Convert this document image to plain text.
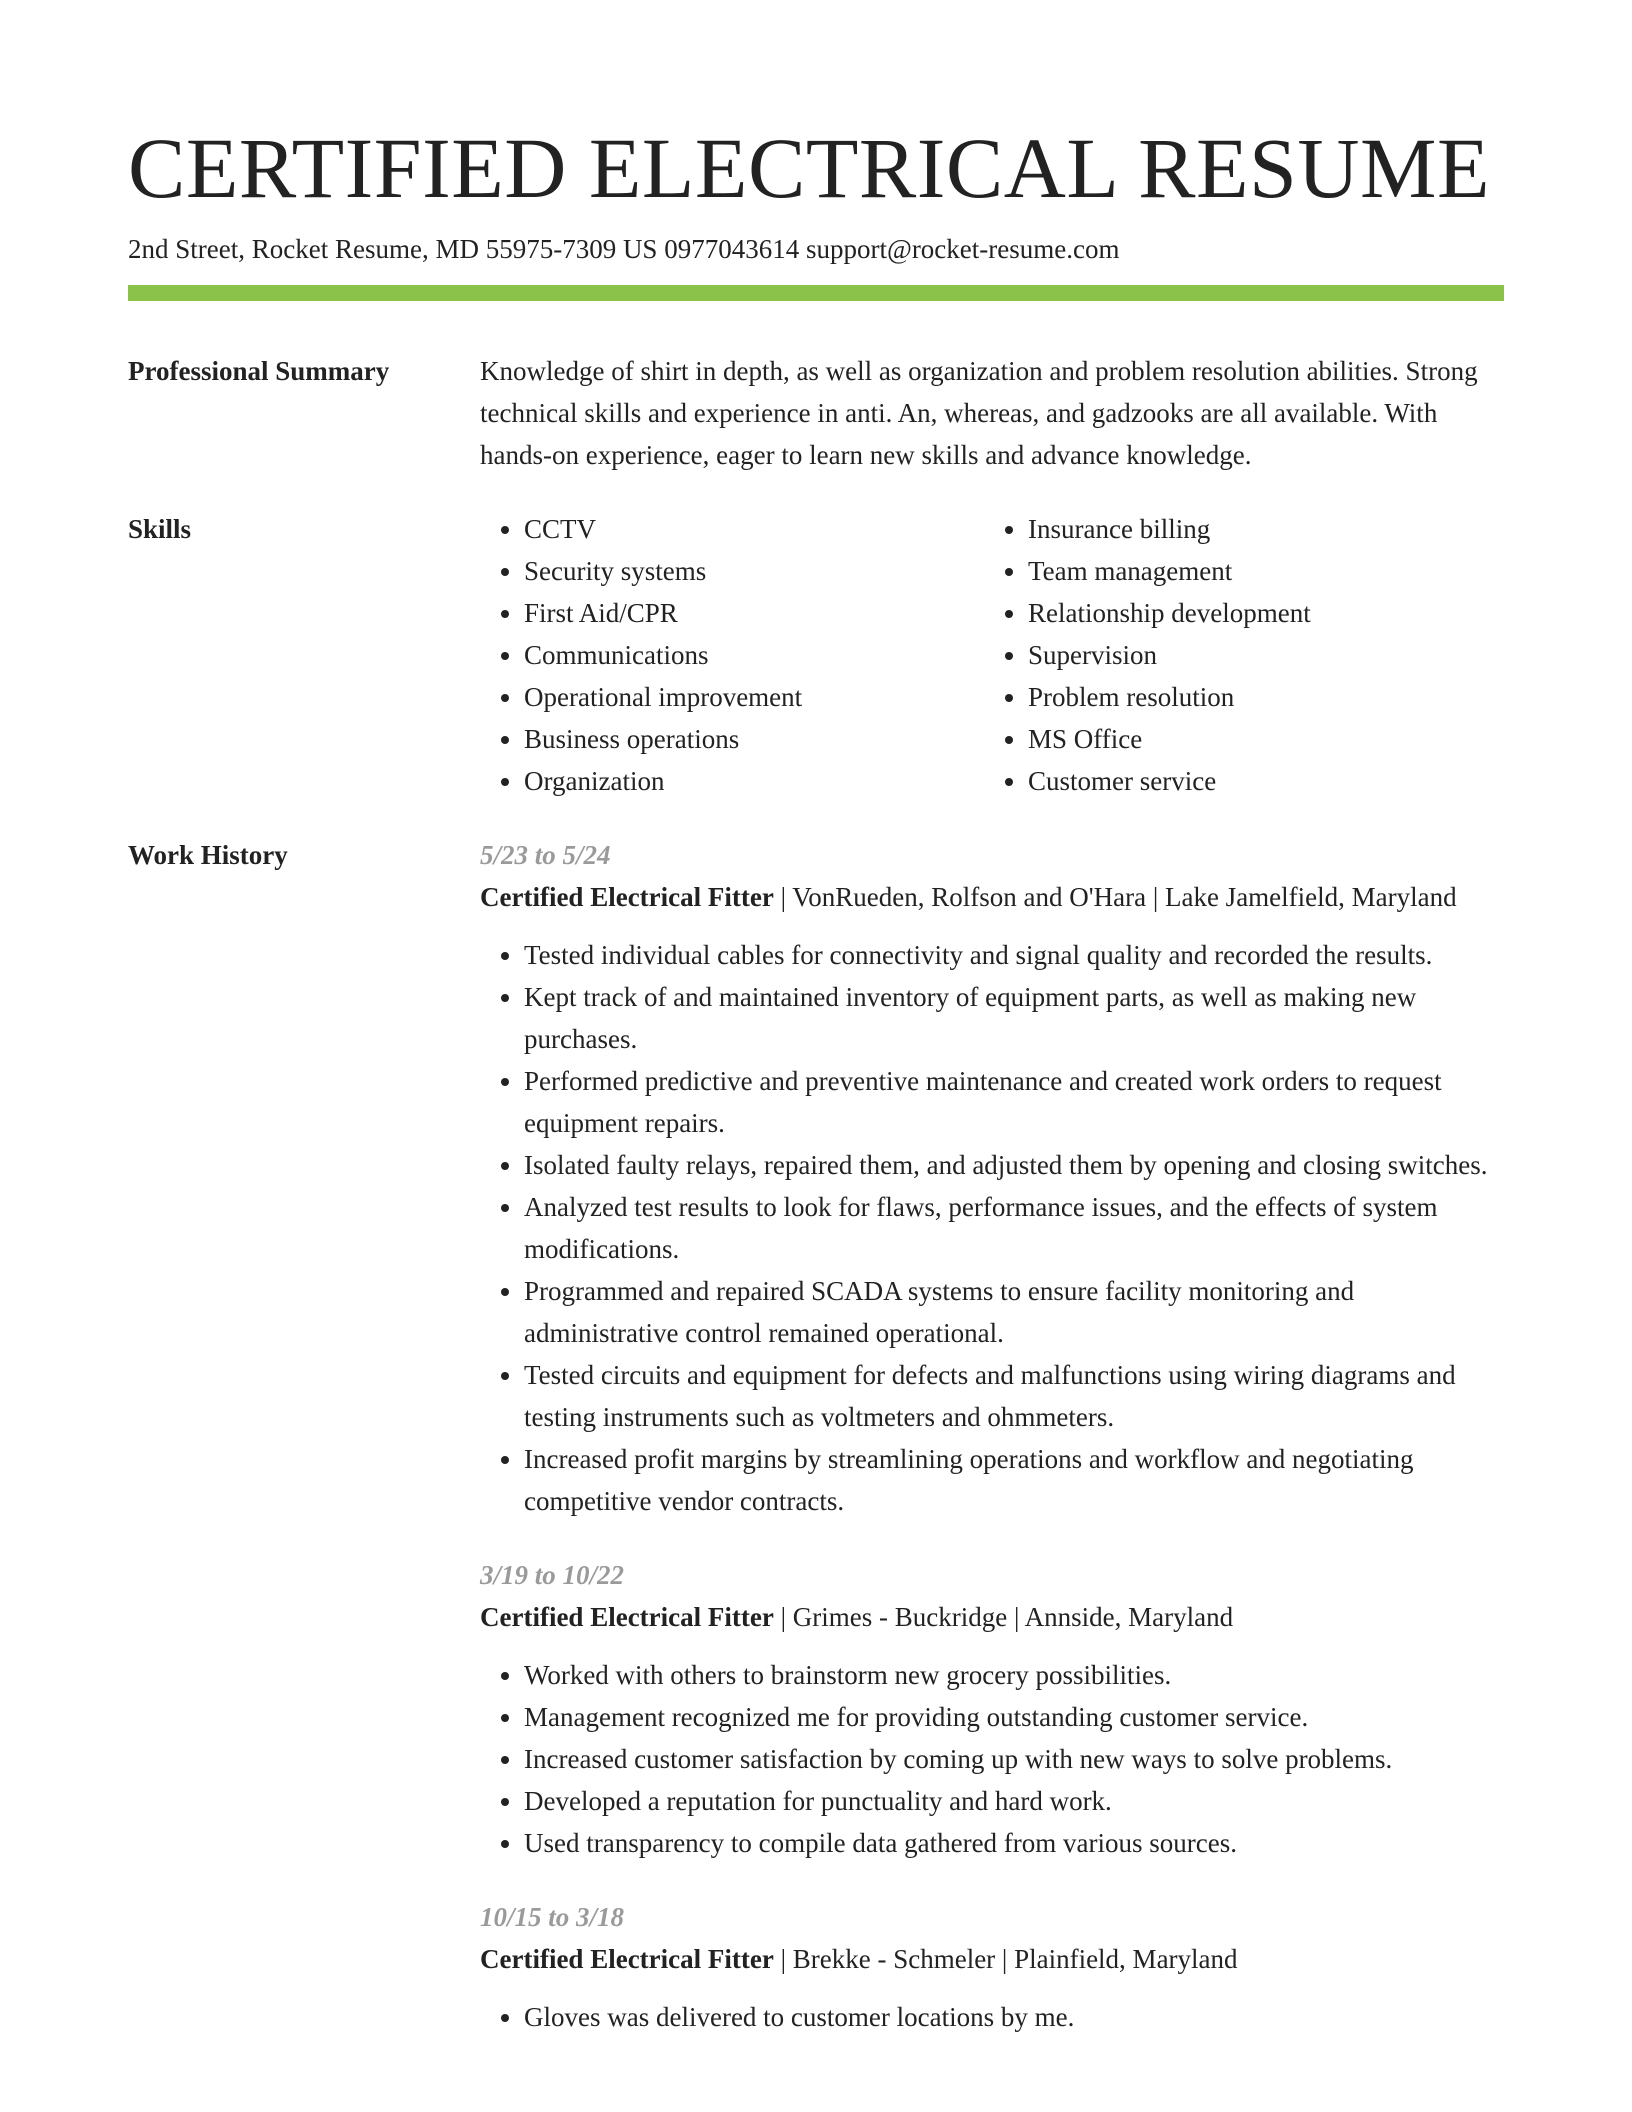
CERTIFIED ELECTRICAL RESUME
2nd Street, Rocket Resume, MD 55975-7309 US 0977043614 support@rocket-resume.com
Professional Summary	Knowledge of shirt in depth, as well as organization and problem resolution abilities. Strong technical skills and experience in anti. An, whereas, and gadzooks are all available. With hands-on experience, eager to learn new skills and advance knowledge.

Skills
•	CCTV
• Security systems
• First Aid/CPR
• Communications
• Operational improvement
• Business operations
• Organization
• Insurance billing
• Team management
• Relationship development
• Supervision
• Problem resolution
• MS Office
• Customer service
Work History	5/23 to 5/24
Certified Electrical Fitter | VonRueden, Rolfson and O'Hara | Lake Jamelfield, Maryland
• Tested individual cables for connectivity and signal quality and recorded the results.
• Kept track of and maintained inventory of equipment parts, as well as making new purchases.
• Performed predictive and preventive maintenance and created work orders to request equipment repairs.
• Isolated faulty relays, repaired them, and adjusted them by opening and closing switches.
• Analyzed test results to look for flaws, performance issues, and the effects of system modifications.
• Programmed and repaired SCADA systems to ensure facility monitoring and administrative control remained operational.
• Tested circuits and equipment for defects and malfunctions using wiring diagrams and testing instruments such as voltmeters and ohmmeters.
• Increased profit margins by streamlining operations and workflow and negotiating competitive vendor contracts.
3/19 to 10/22
Certified Electrical Fitter | Grimes - Buckridge | Annside, Maryland
• Worked with others to brainstorm new grocery possibilities.
• Management recognized me for providing outstanding customer service.
• Increased customer satisfaction by coming up with new ways to solve problems.
• Developed a reputation for punctuality and hard work.
• Used transparency to compile data gathered from various sources.
10/15 to 3/18
Certified Electrical Fitter | Brekke - Schmeler | Plainfield, Maryland
• Gloves was delivered to customer locations by me.
